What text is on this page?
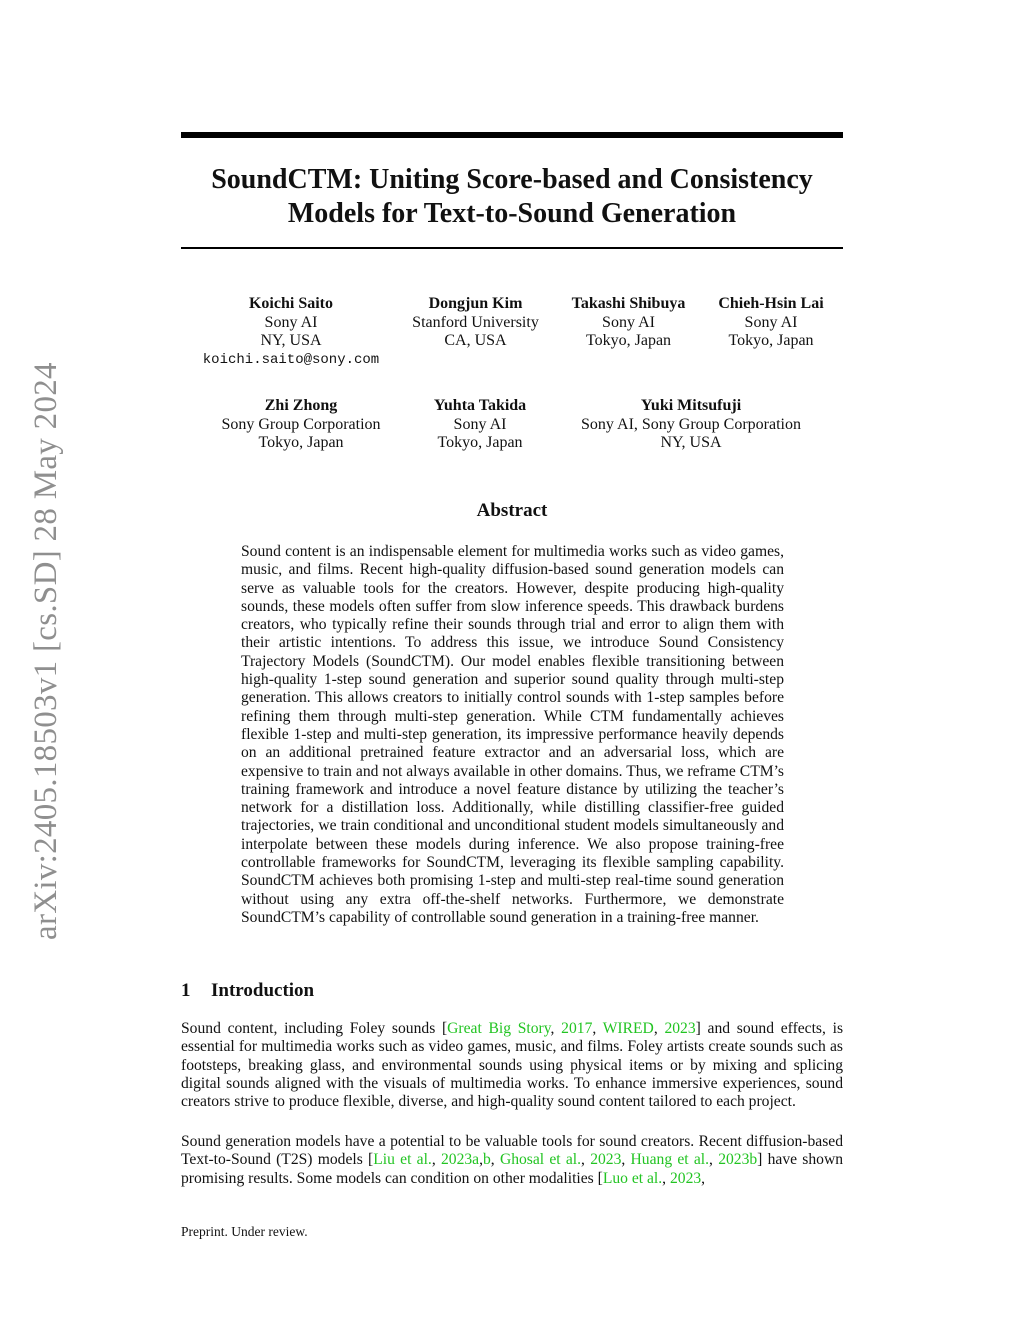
arXiv:2405.18503v1 [cs.SD] 28 May 2024
SoundCTM: Uniting Score-based and Consistency
Models for Text-to-Sound Generation
Koichi Saito
Sony AI
NY, USA
koichi.saito@sony.com
Dongjun Kim
Stanford University
CA, USA
Takashi Shibuya
Sony AI
Tokyo, Japan
Chieh-Hsin Lai
Sony AI
Tokyo, Japan
Zhi Zhong
Sony Group Corporation
Tokyo, Japan
Yuhta Takida
Sony AI
Tokyo, Japan
Yuki Mitsufuji
Sony AI, Sony Group Corporation
NY, USA
Abstract
Sound content is an indispensable element for multimedia works such as video games, music, and films. Recent high-quality diffusion-based sound generation models can serve as valuable tools for the creators. However, despite producing high-quality sounds, these models often suffer from slow inference speeds. This drawback burdens creators, who typically refine their sounds through trial and error to align them with their artistic intentions. To address this issue, we introduce Sound Consistency Trajectory Models (SoundCTM). Our model enables flexible transitioning between high-quality 1-step sound generation and superior sound quality through multi-step generation. This allows creators to initially control sounds with 1-step samples before refining them through multi-step generation. While CTM fundamentally achieves flexible 1-step and multi-step generation, its impressive performance heavily depends on an additional pretrained feature extractor and an adversarial loss, which are expensive to train and not always available in other domains. Thus, we reframe CTM’s training framework and introduce a novel feature distance by utilizing the teacher’s network for a distillation loss. Additionally, while distilling classifier-free guided trajectories, we train conditional and unconditional student models simultaneously and interpolate between these models during inference. We also propose training-free controllable frameworks for SoundCTM, leveraging its flexible sampling capability. SoundCTM achieves both promising 1-step and multi-step real-time sound generation without using any extra off-the-shelf networks. Furthermore, we demonstrate SoundCTM’s capability of controllable sound generation in a training-free manner.
1 Introduction

Sound content, including Foley sounds [Great Big Story, 2017, WIRED, 2023] and sound effects, is essential for multimedia works such as video games, music, and films. Foley artists create sounds such as footsteps, breaking glass, and environmental sounds using physical items or by mixing and splicing digital sounds aligned with the visuals of multimedia works. To enhance immersive experiences, sound creators strive to produce flexible, diverse, and high-quality sound content tailored to each project.

Sound generation models have a potential to be valuable tools for sound creators. Recent diffusion-based Text-to-Sound (T2S) models [Liu et al., 2023a,b, Ghosal et al., 2023, Huang et al., 2023b] have shown promising results. Some models can condition on other modalities [Luo et al., 2023,

Preprint. Under review.
